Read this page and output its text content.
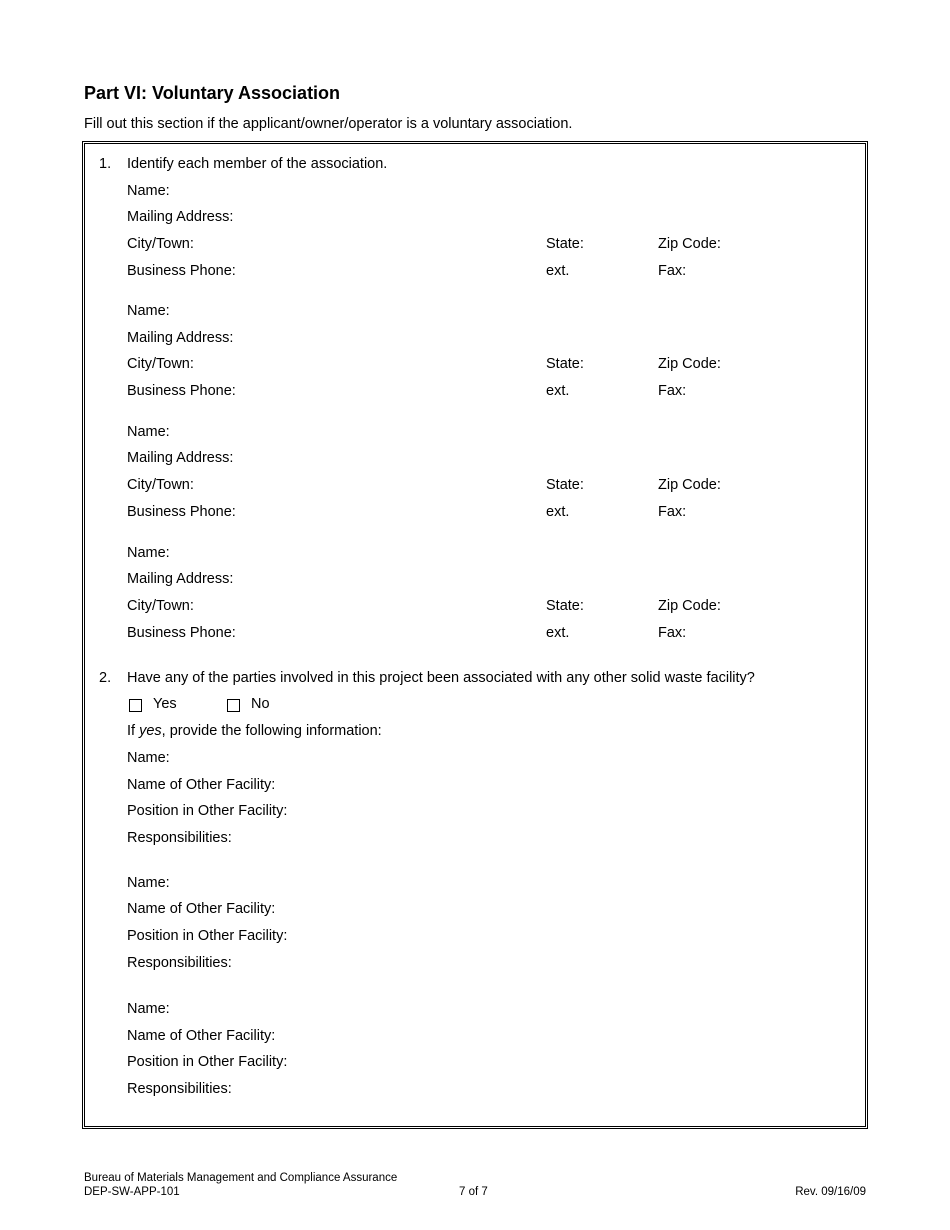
Part VI: Voluntary Association

Fill out this section if the applicant/owner/operator is a voluntary association.

1. Identify each member of the association.
Name:
Mailing Address:
City/Town:	State:	Zip Code:
Business Phone:	ext.	Fax:
Name:
Mailing Address:
City/Town:	State:	Zip Code:
Business Phone:	ext.	Fax:
Name:
Mailing Address:
City/Town:	State:	Zip Code:
Business Phone:	ext.	Fax:
Name:
Mailing Address:
City/Town:	State:	Zip Code:
Business Phone:	ext.	Fax:
2. Have any of the parties involved in this project been associated with any other solid waste facility?
Yes	No
If yes, provide the following information:
Name:
Name of Other Facility:
Position in Other Facility:
Responsibilities:
Name:
Name of Other Facility:
Position in Other Facility:
Responsibilities:
Name:
Name of Other Facility:
Position in Other Facility:
Responsibilities:
Bureau of Materials Management and Compliance Assurance
DEP-SW-APP-101	7 of 7	Rev. 09/16/09
